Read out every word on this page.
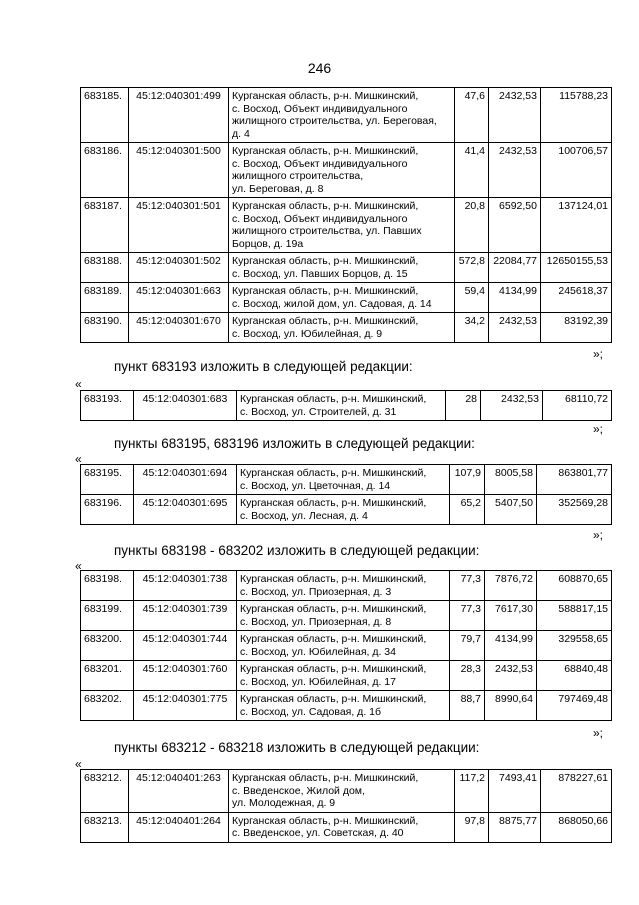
246
683185.	45:12:040301:499	Курганская область, р-н. Мишкинский,
с. Восход, Объект индивидуального
жилищного строительства, ул. Береговая,
д. 4	47,6	2432,53	115788,23
683186.	45:12:040301:500	Курганская область, р-н. Мишкинский,
с. Восход, Объект индивидуального
жилищного строительства,
ул. Береговая, д. 8	41,4	2432,53	100706,57
683187.	45:12:040301:501	Курганская область, р-н. Мишкинский,
с. Восход, Объект индивидуального
жилищного строительства, ул. Павших
Борцов, д. 19а	20,8	6592,50	137124,01
683188.	45:12:040301:502	Курганская область, р-н. Мишкинский,
с. Восход, ул. Павших Борцов, д. 15	572,8	22084,77	12650155,53
683189.	45:12:040301:663	Курганская область, р-н. Мишкинский,
с. Восход, жилой дом, ул. Садовая, д. 14	59,4	4134,99	245618,37
683190.	45:12:040301:670	Курганская область, р-н. Мишкинский,
с. Восход, ул. Юбилейная, д. 9	34,2	2432,53	83192,39
»;
пункт 683193 изложить в следующей редакции:
«
683193.	45:12:040301:683	Курганская область, р-н. Мишкинский,
с. Восход, ул. Строителей, д. 31
	28	2432,53	68110,72
»;
пункты 683195, 683196 изложить в следующей редакции:
«
683195.	45:12:040301:694	Курганская область, р-н. Мишкинский,
с. Восход, ул. Цветочная, д. 14	107,9	8005,58	863801,77
683196.	45:12:040301:695	Курганская область, р-н. Мишкинский,
с. Восход, ул. Лесная, д. 4	65,2	5407,50	352569,28
»;
пункты 683198 - 683202 изложить в следующей редакции:
«
683198.	45:12:040301:738	Курганская область, р-н. Мишкинский,
с. Восход, ул. Приозерная, д. 3	77,3	7876,72	608870,65
683199.	45:12:040301:739	Курганская область, р-н. Мишкинский,
с. Восход, ул. Приозерная, д. 8	77,3	7617,30	588817,15
683200.	45:12:040301:744	Курганская область, р-н. Мишкинский,
с. Восход, ул. Юбилейная, д. 34	79,7	4134,99	329558,65
683201.	45:12:040301:760	Курганская область, р-н. Мишкинский,
с. Восход, ул. Юбилейная, д. 17	28,3	2432,53	68840,48
683202.	45:12:040301:775	Курганская область, р-н. Мишкинский,
с. Восход, ул. Садовая, д. 1б	88,7	8990,64	797469,48
»;
пункты 683212 - 683218 изложить в следующей редакции:
«
683212.	45:12:040401:263	Курганская область, р-н. Мишкинский,
с. Введенское, Жилой дом,
ул. Молодежная, д. 9	117,2	7493,41	878227,61
683213.	45:12:040401:264	Курганская область, р-н. Мишкинский,
с. Введенское, ул. Советская, д. 40	97,8	8875,77	868050,66
